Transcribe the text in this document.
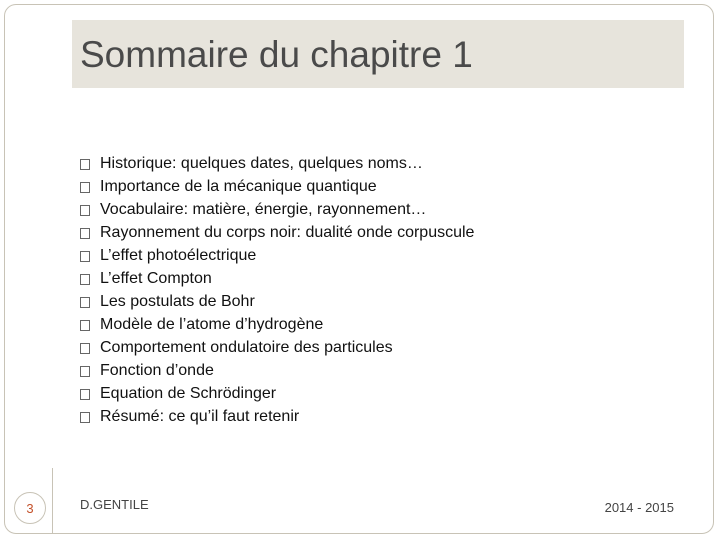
Sommaire du chapitre 1
Historique: quelques dates, quelques noms…
Importance de la mécanique quantique
Vocabulaire: matière, énergie, rayonnement…
Rayonnement du corps noir: dualité onde corpuscule
L’effet photoélectrique
L’effet Compton
Les postulats de Bohr
Modèle de l’atome d’hydrogène
Comportement ondulatoire des particules
Fonction d’onde
Equation de Schrödinger
Résumé: ce qu’il faut retenir
3	D.GENTILE	2014 - 2015
